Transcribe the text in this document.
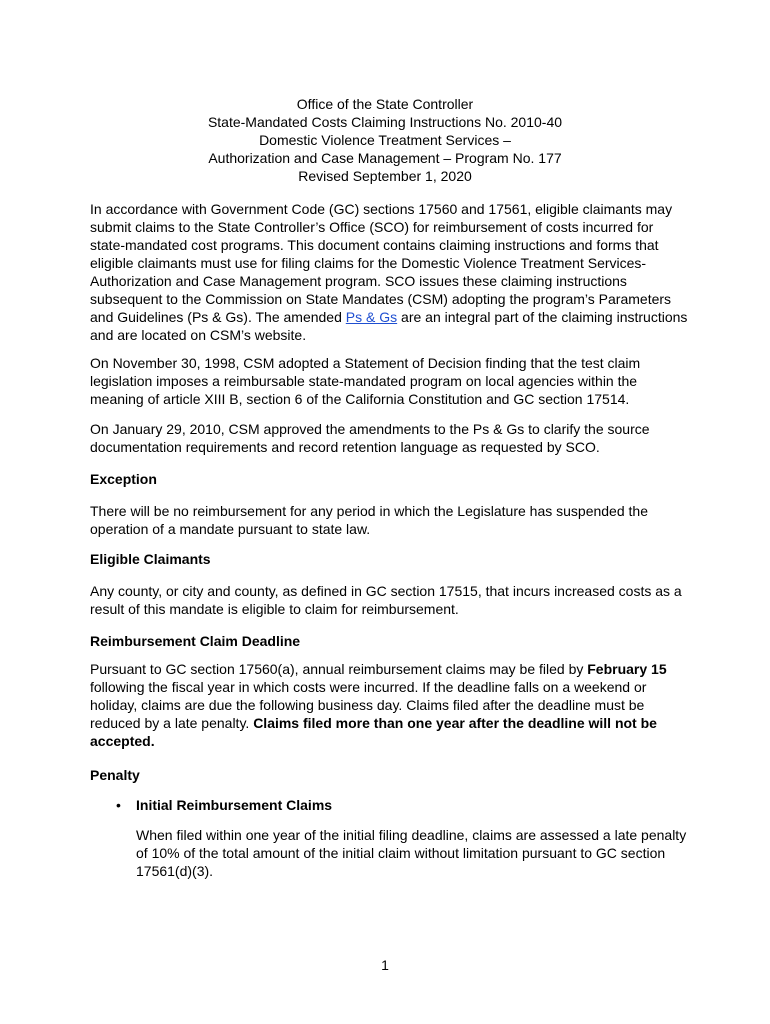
Office of the State Controller
State-Mandated Costs Claiming Instructions No. 2010-40
Domestic Violence Treatment Services –
Authorization and Case Management – Program No. 177
Revised September 1, 2020

In accordance with Government Code (GC) sections 17560 and 17561, eligible claimants may submit claims to the State Controller’s Office (SCO) for reimbursement of costs incurred for state-mandated cost programs. This document contains claiming instructions and forms that eligible claimants must use for filing claims for the Domestic Violence Treatment Services-Authorization and Case Management program. SCO issues these claiming instructions subsequent to the Commission on State Mandates (CSM) adopting the program’s Parameters and Guidelines (Ps & Gs). The amended Ps & Gs are an integral part of the claiming instructions and are located on CSM’s website.

On November 30, 1998, CSM adopted a Statement of Decision finding that the test claim legislation imposes a reimbursable state-mandated program on local agencies within the meaning of article XIII B, section 6 of the California Constitution and GC section 17514.

On January 29, 2010, CSM approved the amendments to the Ps & Gs to clarify the source documentation requirements and record retention language as requested by SCO.

Exception

There will be no reimbursement for any period in which the Legislature has suspended the operation of a mandate pursuant to state law.

Eligible Claimants

Any county, or city and county, as defined in GC section 17515, that incurs increased costs as a result of this mandate is eligible to claim for reimbursement.

Reimbursement Claim Deadline

Pursuant to GC section 17560(a), annual reimbursement claims may be filed by February 15 following the fiscal year in which costs were incurred. If the deadline falls on a weekend or holiday, claims are due the following business day. Claims filed after the deadline must be reduced by a late penalty. Claims filed more than one year after the deadline will not be accepted.

Penalty
• Initial Reimbursement Claims

When filed within one year of the initial filing deadline, claims are assessed a late penalty of 10% of the total amount of the initial claim without limitation pursuant to GC section 17561(d)(3).

1
